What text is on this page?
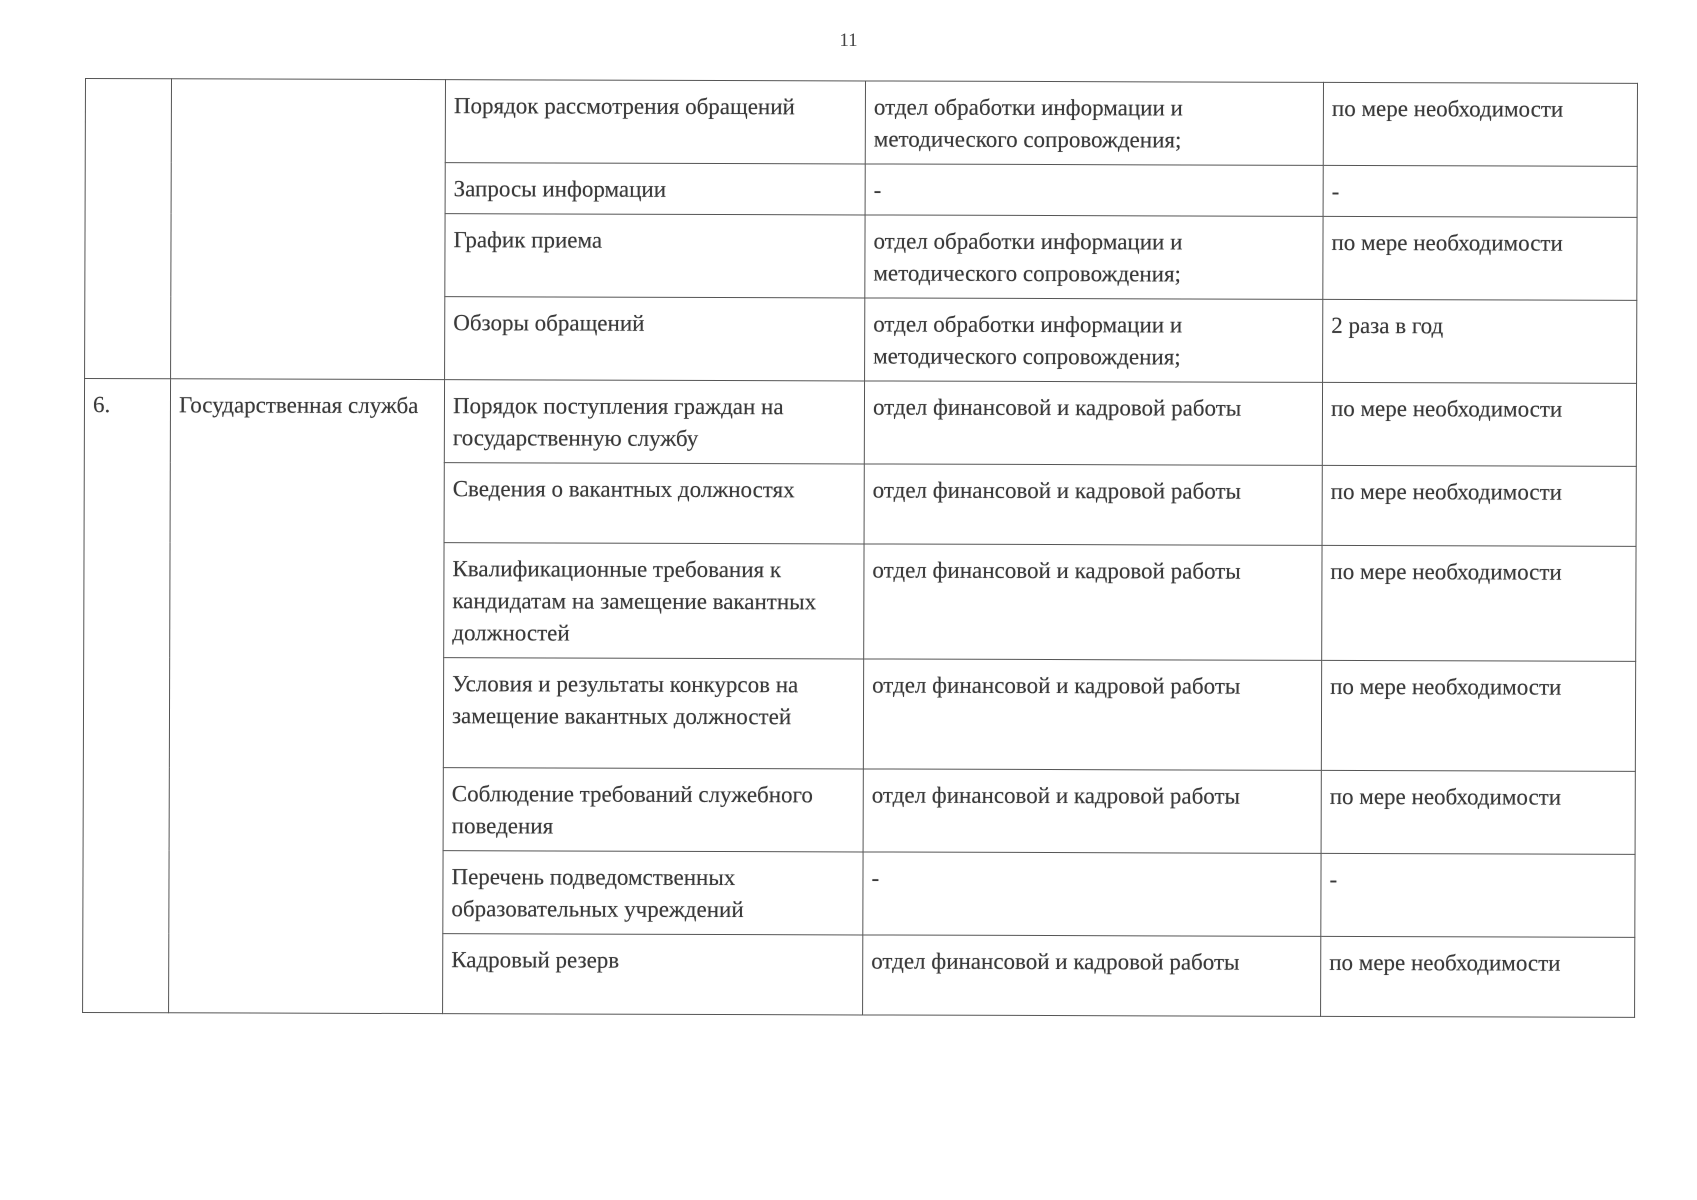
11
		Порядок рассмотрения обращений	отдел обработки информации и методического сопровождения;	по мере необходимости
		Запросы информации	-	-
		График приема	отдел обработки информации и методического сопровождения;	по мере необходимости
		Обзоры обращений	отдел обработки информации и методического сопровождения;	2 раза в год
6.	Государственная служба	Порядок поступления граждан на государственную службу	отдел финансовой и кадровой работы	по мере необходимости
		Сведения о вакантных должностях	отдел финансовой и кадровой работы	по мере необходимости
		Квалификационные требования к кандидатам на замещение вакантных должностей	отдел финансовой и кадровой работы	по мере необходимости
		Условия и результаты конкурсов на замещение вакантных должностей	отдел финансовой и кадровой работы	по мере необходимости
		Соблюдение требований служебного поведения	отдел финансовой и кадровой работы	по мере необходимости
		Перечень подведомственных образовательных учреждений	-	-
		Кадровый резерв	отдел финансовой и кадровой работы	по мере необходимости
